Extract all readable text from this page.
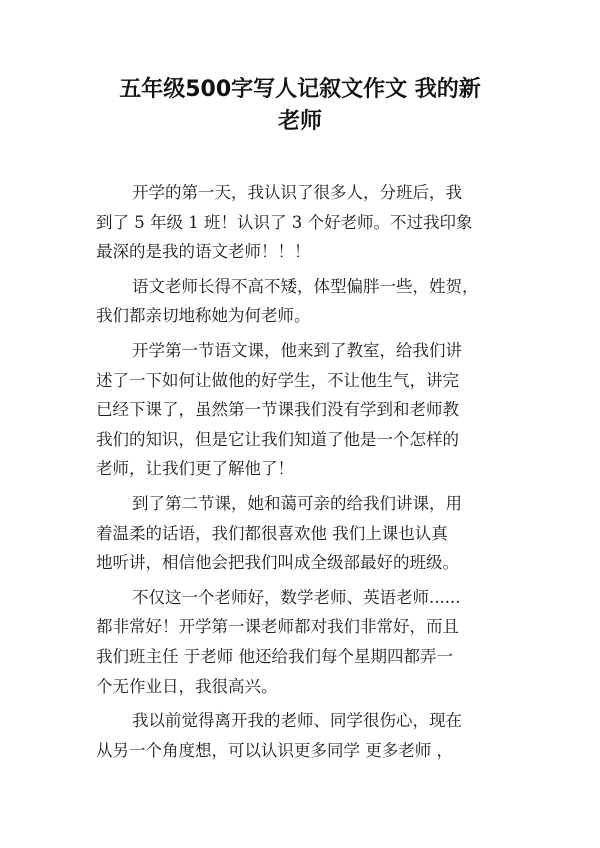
五年级500字写人记叙文作文 我的新
老师

开学的第一天，我认识了很多人，分班后，我
到了 5 年级 1 班！认识了 3 个好老师。不过我印象
最深的是我的语文老师！！！

语文老师长得不高不矮，体型偏胖一些，姓贺，
我们都亲切地称她为何老师。

开学第一节语文课，他来到了教室，给我们讲
述了一下如何让做他的好学生，不让他生气，讲完
已经下课了，虽然第一节课我们没有学到和老师教
我们的知识，但是它让我们知道了他是一个怎样的
老师，让我们更了解他了！

到了第二节课，她和蔼可亲的给我们讲课，用
着温柔的话语，我们都很喜欢他 我们上课也认真
地听讲，相信他会把我们叫成全级部最好的班级。

不仅这一个老师好，数学老师、英语老师......
都非常好！开学第一课老师都对我们非常好，而且
我们班主任 于老师 他还给我们每个星期四都弄一
个无作业日，我很高兴。

我以前觉得离开我的老师、同学很伤心，现在
从另一个角度想，可以认识更多同学 更多老师 ，
